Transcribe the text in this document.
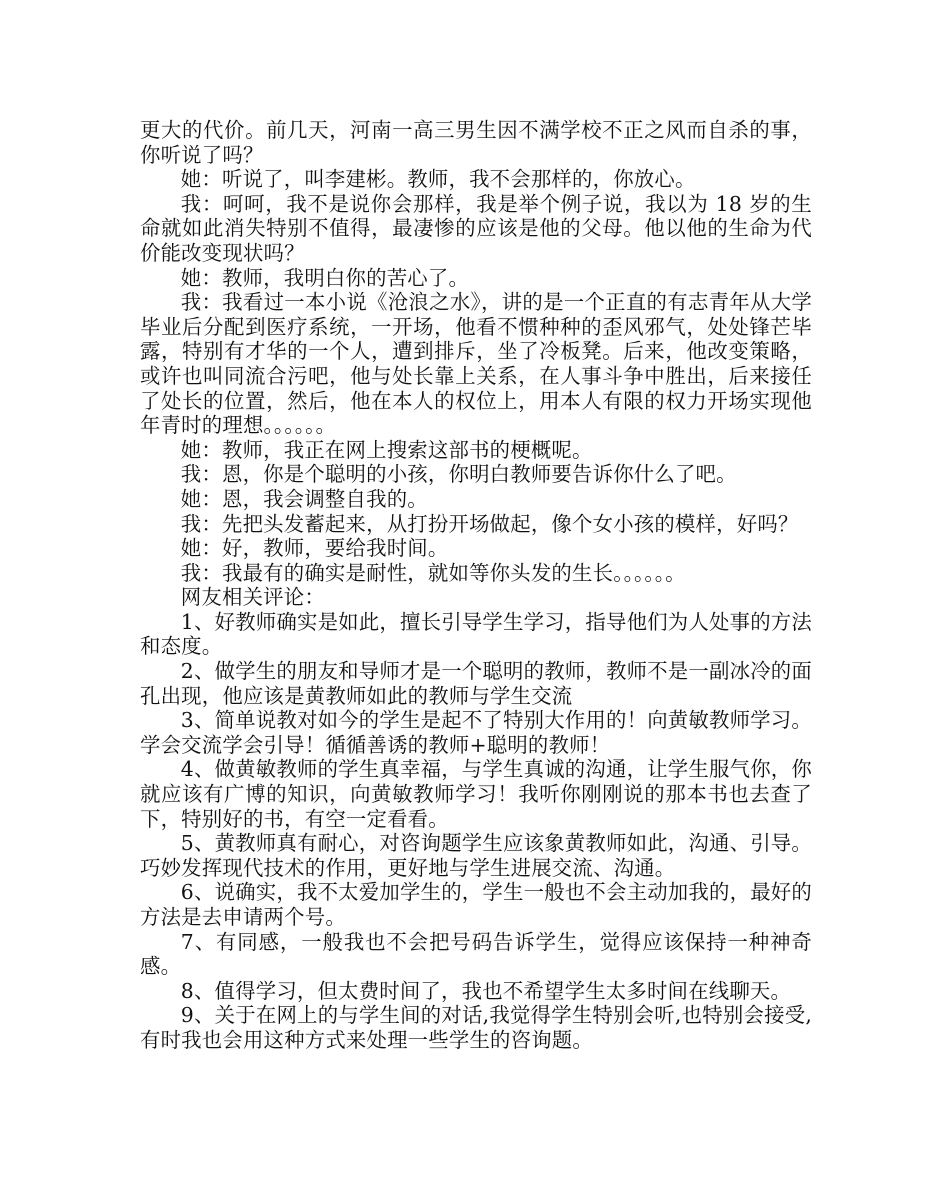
更大的代价。前几天，河南一高三男生因不满学校不正之风而自杀的事，你听说了吗？

她：听说了，叫李建彬。教师，我不会那样的，你放心。

我：呵呵，我不是说你会那样，我是举个例子说，我以为 18 岁的生命就如此消失特别不值得，最凄惨的应该是他的父母。他以他的生命为代价能改变现状吗？

她：教师，我明白你的苦心了。

我：我看过一本小说《沧浪之水》，讲的是一个正直的有志青年从大学毕业后分配到医疗系统，一开场，他看不惯种种的歪风邪气，处处锋芒毕露，特别有才华的一个人，遭到排斥，坐了冷板凳。后来，他改变策略，或许也叫同流合污吧，他与处长靠上关系，在人事斗争中胜出，后来接任了处长的位置，然后，他在本人的权位上，用本人有限的权力开场实现他年青时的理想。。。。。。

她：教师，我正在网上搜索这部书的梗概呢。

我：恩，你是个聪明的小孩，你明白教师要告诉你什么了吧。

她：恩，我会调整自我的。

我：先把头发蓄起来，从打扮开场做起，像个女小孩的模样，好吗？

她：好，教师，要给我时间。

我：我最有的确实是耐性，就如等你头发的生长。。。。。。

网友相关评论：

1、好教师确实是如此，擅长引导学生学习，指导他们为人处事的方法和态度。

2、做学生的朋友和导师才是一个聪明的教师，教师不是一副冰冷的面孔出现，他应该是黄教师如此的教师与学生交流

3、简单说教对如今的学生是起不了特别大作用的！向黄敏教师学习。学会交流学会引导！循循善诱的教师+聪明的教师！

4、做黄敏教师的学生真幸福，与学生真诚的沟通，让学生服气你，你就应该有广博的知识，向黄敏教师学习！我听你刚刚说的那本书也去查了下，特别好的书，有空一定看看。

5、黄教师真有耐心，对咨询题学生应该象黄教师如此，沟通、引导。巧妙发挥现代技术的作用，更好地与学生进展交流、沟通。

6、说确实，我不太爱加学生的，学生一般也不会主动加我的，最好的方法是去申请两个号。

7、有同感，一般我也不会把号码告诉学生，觉得应该保持一种神奇感。

8、值得学习，但太费时间了，我也不希望学生太多时间在线聊天。

9、关于在网上的与学生间的对话,我觉得学生特别会听,也特别会接受,有时我也会用这种方式来处理一些学生的咨询题。
